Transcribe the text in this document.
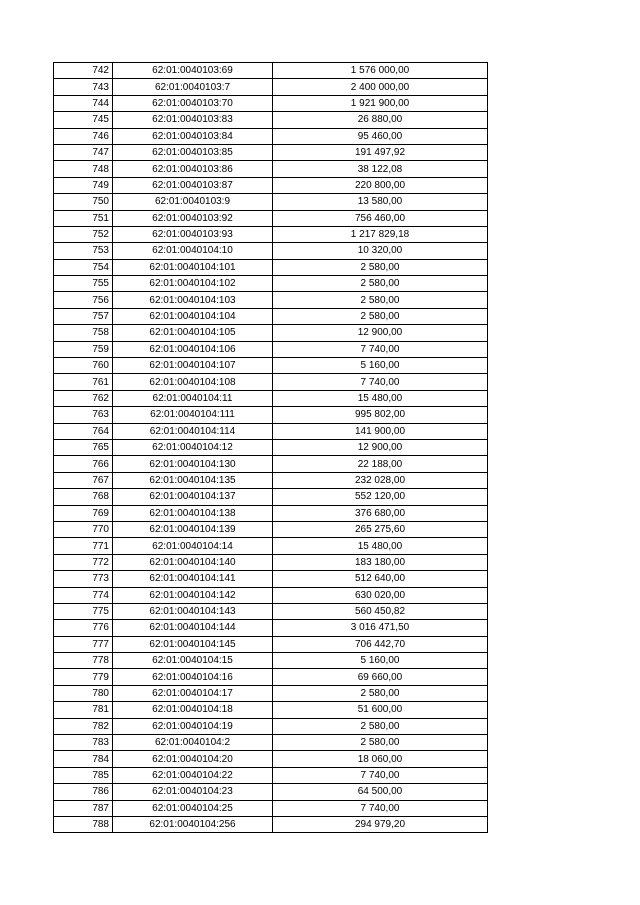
742	62:01:0040103:69	1 576 000,00
743	62:01:0040103:7	2 400 000,00
744	62:01:0040103:70	1 921 900,00
745	62:01:0040103:83	26 880,00
746	62:01:0040103:84	95 460,00
747	62:01:0040103:85	191 497,92
748	62:01:0040103:86	38 122,08
749	62:01:0040103:87	220 800,00
750	62:01:0040103:9	13 580,00
751	62:01:0040103:92	756 460,00
752	62:01:0040103:93	1 217 829,18
753	62:01:0040104:10	10 320,00
754	62:01:0040104:101	2 580,00
755	62:01:0040104:102	2 580,00
756	62:01:0040104:103	2 580,00
757	62:01:0040104:104	2 580,00
758	62:01:0040104:105	12 900,00
759	62:01:0040104:106	7 740,00
760	62:01:0040104:107	5 160,00
761	62:01:0040104:108	7 740,00
762	62:01:0040104:11	15 480,00
763	62:01:0040104:111	995 802,00
764	62:01:0040104:114	141 900,00
765	62:01:0040104:12	12 900,00
766	62:01:0040104:130	22 188,00
767	62:01:0040104:135	232 028,00
768	62:01:0040104:137	552 120,00
769	62:01:0040104:138	376 680,00
770	62:01:0040104:139	265 275,60
771	62:01:0040104:14	15 480,00
772	62:01:0040104:140	183 180,00
773	62:01:0040104:141	512 640,00
774	62:01:0040104:142	630 020,00
775	62:01:0040104:143	560 450,82
776	62:01:0040104:144	3 016 471,50
777	62:01:0040104:145	706 442,70
778	62:01:0040104:15	5 160,00
779	62:01:0040104:16	69 660,00
780	62:01:0040104:17	2 580,00
781	62:01:0040104:18	51 600,00
782	62:01:0040104:19	2 580,00
783	62:01:0040104:2	2 580,00
784	62:01:0040104:20	18 060,00
785	62:01:0040104:22	7 740,00
786	62:01:0040104:23	64 500,00
787	62:01:0040104:25	7 740,00
788	62:01:0040104:256	294 979,20
